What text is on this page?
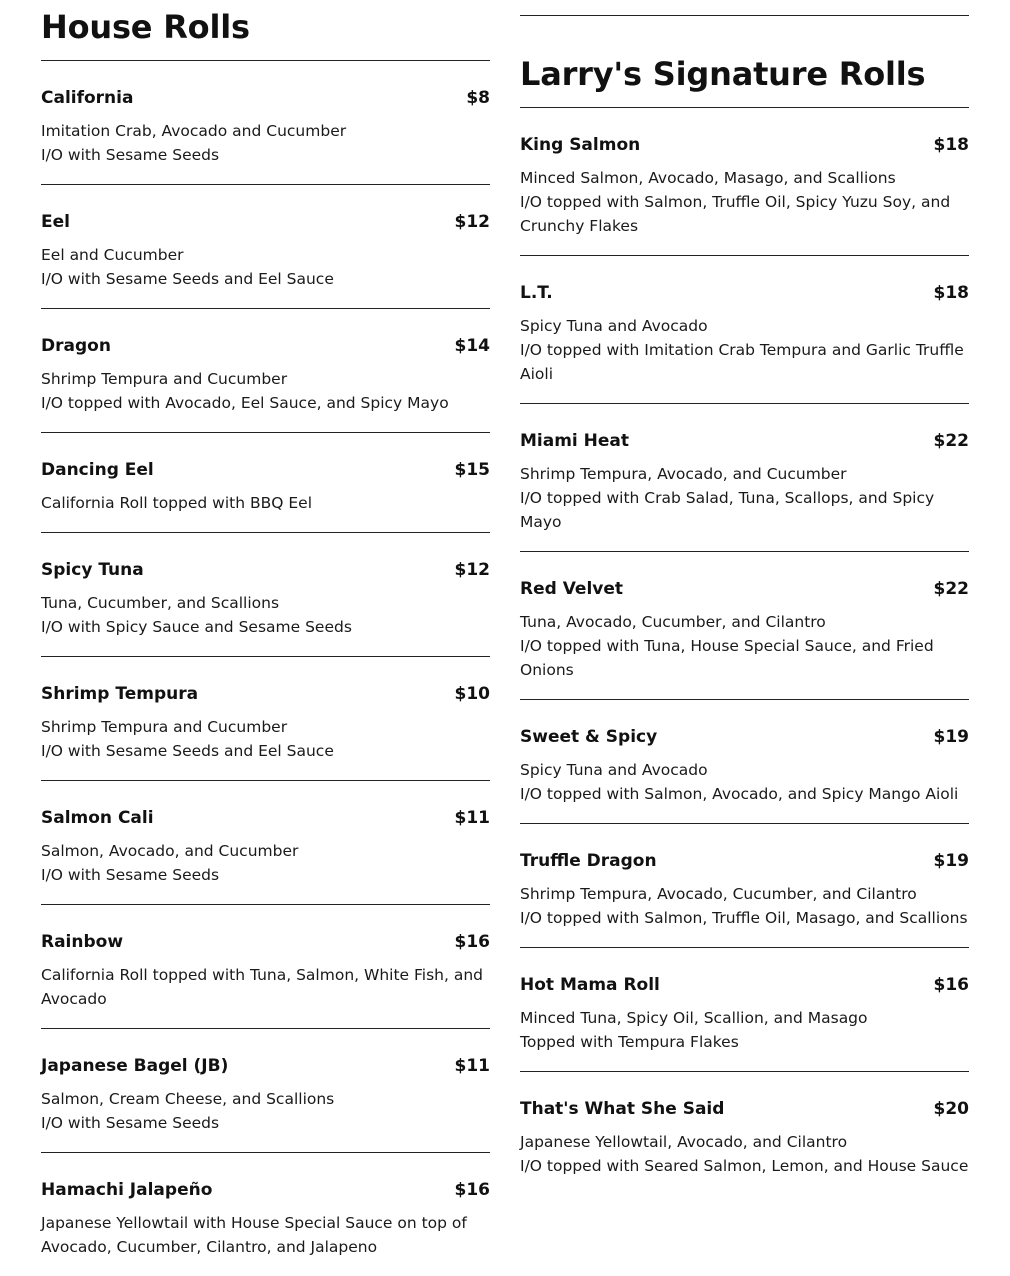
House Rolls
California	$8
Imitation Crab, Avocado and Cucumber
I/O with Sesame Seeds
Eel	$12
Eel and Cucumber
I/O with Sesame Seeds and Eel Sauce
Dragon	$14
Shrimp Tempura and Cucumber
I/O topped with Avocado, Eel Sauce, and Spicy Mayo
Dancing Eel	$15
California Roll topped with BBQ Eel
Spicy Tuna	$12
Tuna, Cucumber, and Scallions
I/O with Spicy Sauce and Sesame Seeds
Shrimp Tempura	$10
Shrimp Tempura and Cucumber
I/O with Sesame Seeds and Eel Sauce
Salmon Cali	$11
Salmon, Avocado, and Cucumber
I/O with Sesame Seeds
Rainbow	$16
California Roll topped with Tuna, Salmon, White Fish, and Avocado
Japanese Bagel (JB)	$11
Salmon, Cream Cheese, and Scallions
I/O with Sesame Seeds
Hamachi Jalapeño	$16
Japanese Yellowtail with House Special Sauce on top of Avocado, Cucumber, Cilantro, and Jalapeno
Larry's Signature Rolls
King Salmon	$18
Minced Salmon, Avocado, Masago, and Scallions
I/O topped with Salmon, Truffle Oil, Spicy Yuzu Soy, and Crunchy Flakes
L.T.	$18
Spicy Tuna and Avocado
I/O topped with Imitation Crab Tempura and Garlic Truffle Aioli
Miami Heat	$22
Shrimp Tempura, Avocado, and Cucumber
I/O topped with Crab Salad, Tuna, Scallops, and Spicy Mayo
Red Velvet	$22
Tuna, Avocado, Cucumber, and Cilantro
I/O topped with Tuna, House Special Sauce, and Fried Onions
Sweet & Spicy	$19
Spicy Tuna and Avocado
I/O topped with Salmon, Avocado, and Spicy Mango Aioli
Truffle Dragon	$19
Shrimp Tempura, Avocado, Cucumber, and Cilantro
I/O topped with Salmon, Truffle Oil, Masago, and Scallions
Hot Mama Roll	$16
Minced Tuna, Spicy Oil, Scallion, and Masago
Topped with Tempura Flakes
That's What She Said	$20
Japanese Yellowtail, Avocado, and Cilantro
I/O topped with Seared Salmon, Lemon, and House Sauce
